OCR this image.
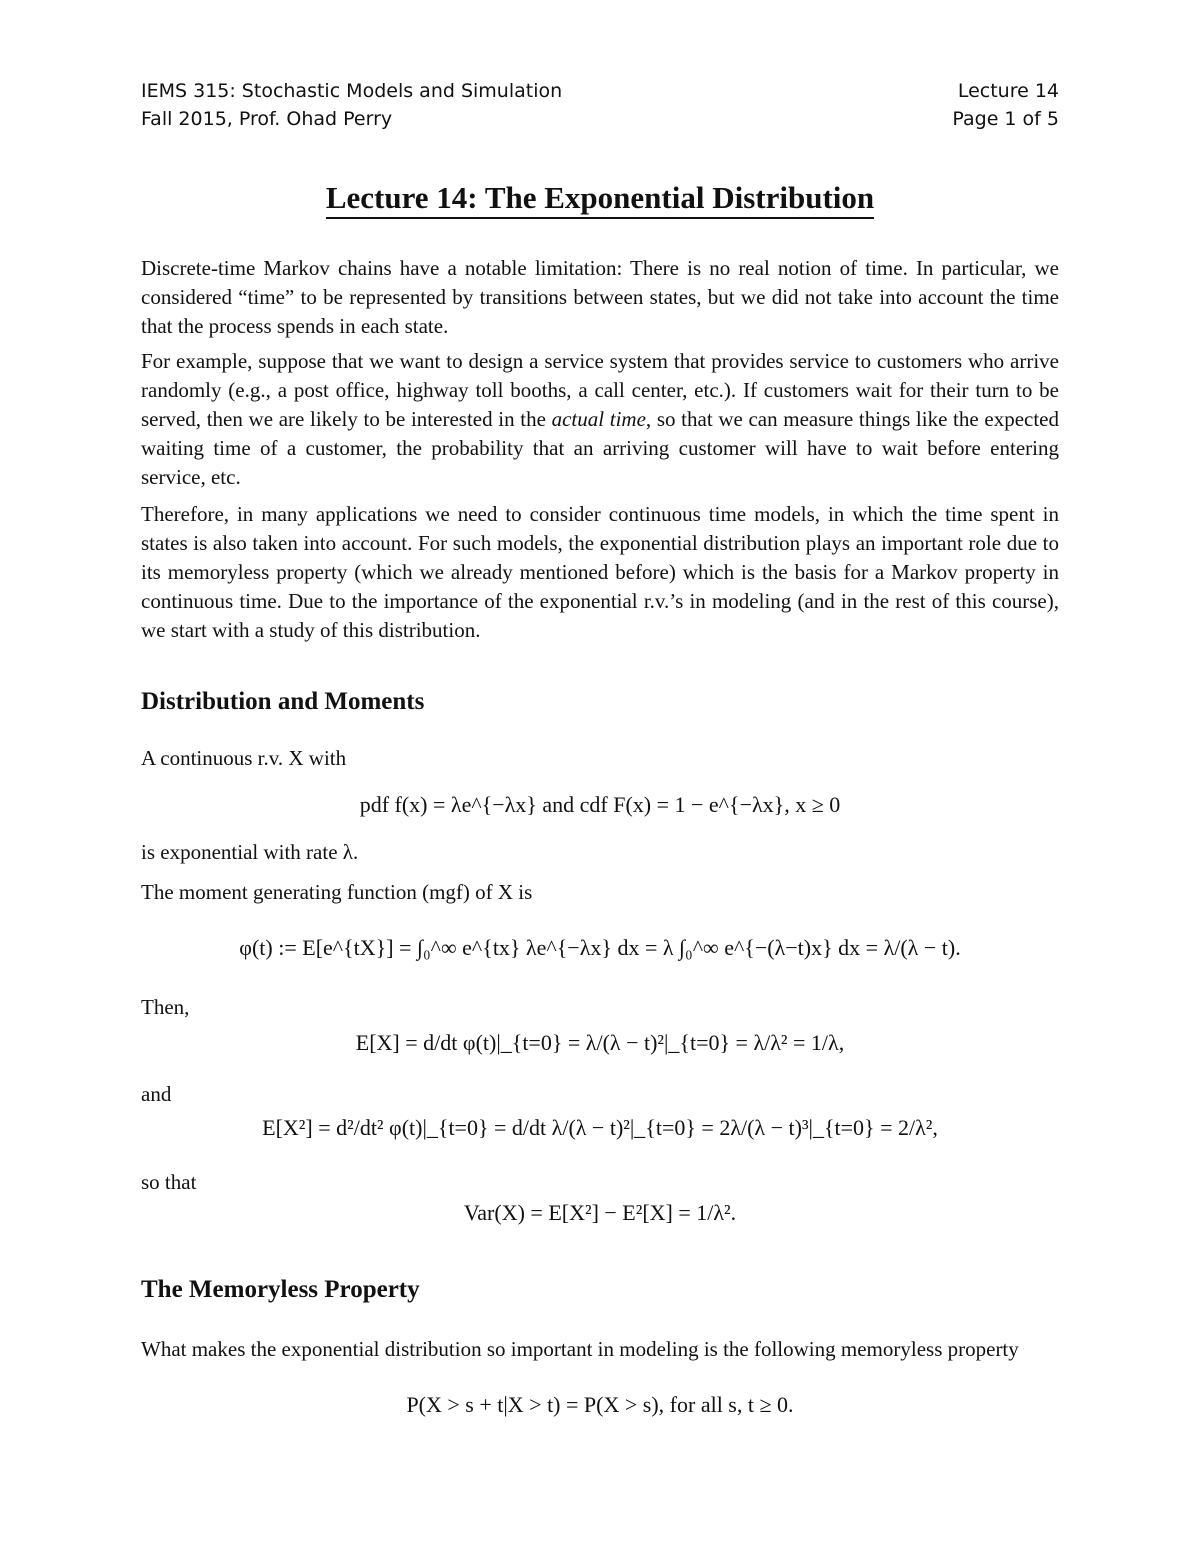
IEMS 315: Stochastic Models and Simulation	Lecture 14
Fall 2015, Prof. Ohad Perry	Page 1 of 5
Lecture 14: The Exponential Distribution

Discrete-time Markov chains have a notable limitation: There is no real notion of time. In particular, we considered “time” to be represented by transitions between states, but we did not take into account the time that the process spends in each state.

For example, suppose that we want to design a service system that provides service to customers who arrive randomly (e.g., a post office, highway toll booths, a call center, etc.). If customers wait for their turn to be served, then we are likely to be interested in the actual time, so that we can measure things like the expected waiting time of a customer, the probability that an arriving customer will have to wait before entering service, etc.

Therefore, in many applications we need to consider continuous time models, in which the time spent in states is also taken into account. For such models, the exponential distribution plays an important role due to its memoryless property (which we already mentioned before) which is the basis for a Markov property in continuous time. Due to the importance of the exponential r.v.’s in modeling (and in the rest of this course), we start with a study of this distribution.

Distribution and Moments

A continuous r.v. X with

pdf f(x) = λe^{−λx} and cdf F(x) = 1 − e^{−λx}, x ≥ 0

is exponential with rate λ.

The moment generating function (mgf) of X is

φ(t) := E[e^{tX}] = ∫₀^∞ e^{tx} λe^{−λx} dx = λ ∫₀^∞ e^{−(λ−t)x} dx = λ/(λ − t).

Then,

E[X] = d/dt φ(t)|_{t=0} = λ/(λ − t)²|_{t=0} = λ/λ² = 1/λ,

and

E[X²] = d²/dt² φ(t)|_{t=0} = d/dt λ/(λ − t)²|_{t=0} = 2λ/(λ − t)³|_{t=0} = 2/λ²,

so that

Var(X) = E[X²] − E²[X] = 1/λ².
The Memoryless Property

What makes the exponential distribution so important in modeling is the following memoryless property

P(X > s + t|X > t) = P(X > s), for all s, t ≥ 0.
